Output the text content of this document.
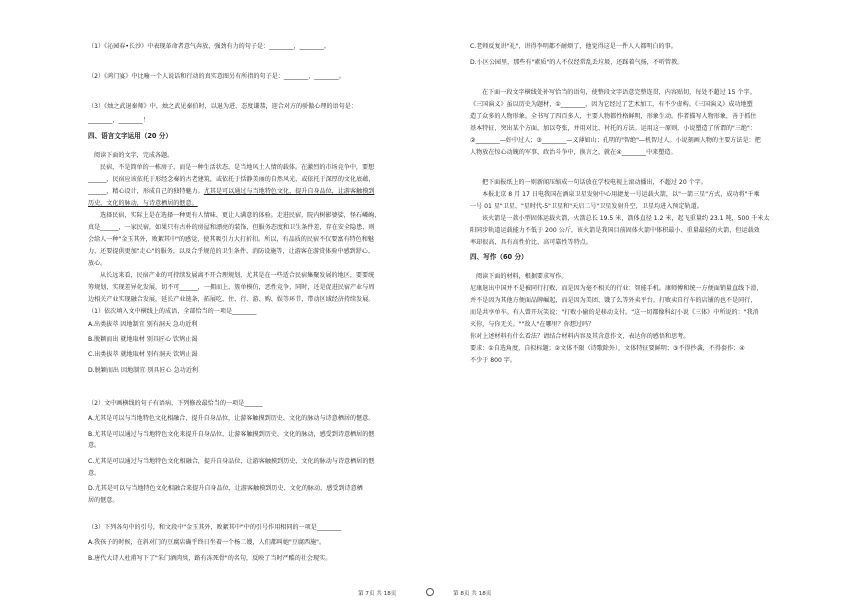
（1）《沁园春•长沙》中表现革命者意气奔放，强劲有力的句子是：________，________。

（2）《鸿门宴》中比喻一个人说话和行动的真实意图另有所指的句子是：________，________。

（3）《烛之武退秦师》中，烛之武见秦伯时，以退为进，态度谦恭，迎合对方的骄傲心理的语句是：

________，________！

四、语言文字运用（20 分）

阅读下面的文字，完成各题。

民宿，不是简单的一栋房子，而是一种生活状态，是当地风土人情的载体。在激烈的市场竞争中，要想

______，民宿应该依托于形经念奏的古老建筑，或依托于恬静美丽的自然风光，或依托于深厚的文化底蕴，

______，精心设计，形成自己的独特魅力。尤其是可以通过与当地特色文化，提升自身品位，让游客触摸到

历史、文化的脉动，与诗意栖居的惬意。

选择民宿，实际上是在选择一种更有人情味、更让人满意的体验。走进民宿，院内树影婆娑，怪石嶙峋，

真是______，一家民宿，如果只有古朴的房屋和漂亮的装饰，但服务态度和卫生条件差，存在安全隐患，则

会给人一种"金玉其外，败絮其中"的感觉，使其吸引力大打折扣。所以，有品质的民宿不仅要富有特色和魅

力，还要提供更加"走心"的服务，以及合乎规范的卫生条件、消防设施等，让游客在游赏体验中感到舒心、

放心。

从长远来看，民宿产业的可持续发展离不开合理规划，尤其是在一些适合民宿集聚发展的地区，要要统

筹规划，实现差异化发展，切不可______，一拥而上，簇单模仿，恶性竞争，同时，还是促进民宿产业与周

边相关产业实现融合发展，延长产业链条，拓展吃、住、行、游、购、娱等环节，带动区域经济持续发展。

（1）依次填入文中横线上的成语，全部恰当的一项是________

A.出类拔萃 因地制宜 别有洞天 急功近利

B.脱颖而出 就地取材 别具匠心 饮鸩止渴

C.出类拔萃 就地取材 别有洞天 饮鸩止渴

D.脱颖而出 因地制宜 别具匠心 急功近利

（2）文中画横线的句子有语病，下列修改最恰当的一项是______

A.尤其是可以与当地特色文化相融合，提升自身品位，让游客触摸到历史、文化的脉动与诗意栖居的惬意。

B.尤其是可以通过与当地特色文化来提升自身品位，让游客触摸到历史、文化的脉动，感受到诗意栖居的惬

意。

C.尤其是可以通过与当地特色文化相融合，提升自身品位，让游客触摸到历史、文化的脉动与诗意栖居的惬

意。

D.尤其是可以与当地特色文化相融合来提升自身品位，让游客触摸到历史、文化的脉动，感受到诗意栖

居的惬意。

（3）下列各句中的引号，和文段中"金玉其外，败絮其中"中的引号作用相同的一项是________

A.我孩子的时候，在斜对门的豆腐店确乎终日坐着一个杨二嫂，人们都叫她"豆腐西施"。

B.唐代大诗人杜甫写下了"朱门酒肉臭，路有冻死骨"的名句，反映了当时严酷的社会现实。

C.老师反复讲"礼"，讲得李明都不耐烦了，他觉得这是一件人人都明白的事。

D.小区公园里，那些有"素质"的人不仅经常乱丢垃圾，还踩着气扬，不听管教。

在下面一段文字横线处补写恰当的语句，使整段文字语意完整连贯，内容贴切，每处不超过 15 个字。

《三国演义》虽以历史为题材，①________，因为它经过了艺术加工，有不少虚构。《三国演义》成功地塑

造了众多的人物形象。全书写了四百多人，主要人物都性格鲜明，形象生动。作者描写人物形象，善于抓住

基本特征，突出某个方面，加以夸张，并用对比、衬托的方法。运用这一原则，小说塑造了所谓的"三绝"：

②________—奸中过人；③________—义薄如山；孔明的"智绝"—机智过人。小说刻画人物的主要方法是：把

人物放在惊心动魄的军事、政治斗争中，换言之，就在④________中来塑造。

把下面报纸上的一则新闻压缩成一句话放在学校电视上滚动播出，不超过 20 个字。

本报北京 8 月 17 日电我国在酒泉卫星发射中心用捷龙一号运载火箭，以"一箭三星"方式，成功将"千乘

一号 01 星"卫星、"星时代-5"卫星和"天启二号"卫星发射升空，卫星均进入预定轨道。

该火箭是一款小型固体运载火箭，火箭总长 19.5 米，箭体直径 1.2 米，起飞重量约 23.1 吨，500 千米太

阳同步轨道运载能力不低于 200 公斤。该火箭是我国目前固体火箭中体积最小、重量最轻的火箭，但运载效

率却很高，具有高性价比、高可靠性等特点。

四、写作（60 分）

阅读下面的材料，根据要求写作。

尼康退出中国并不是被同行打败，而是因为毫不相关的行业：智能手机。康师傅和统一方便面销量直线下滑，

并不是因为其他方便面品牌崛起，而是因为美团、饿了么等外卖平台。打败卖自行车的店铺的也不是同行，

而是共享单车。有人曾开玩笑说："打败小偷的是移动支付。"这一切都像科幻小说《三体》中所说的："我消

灭你，与你无关。""敌人"在哪里？你想过吗？

你对上述材料有什么看法？请结合材料内容及其含意作文，表达你的感悟和思考。

要求：①自选角度，自拟标题；②文体不限（诗歌除外），文体特征要鲜明；③不得抄袭，不得套作；④

不少于 800 字。

第 7页 共 18页	第 8页 共 18页
